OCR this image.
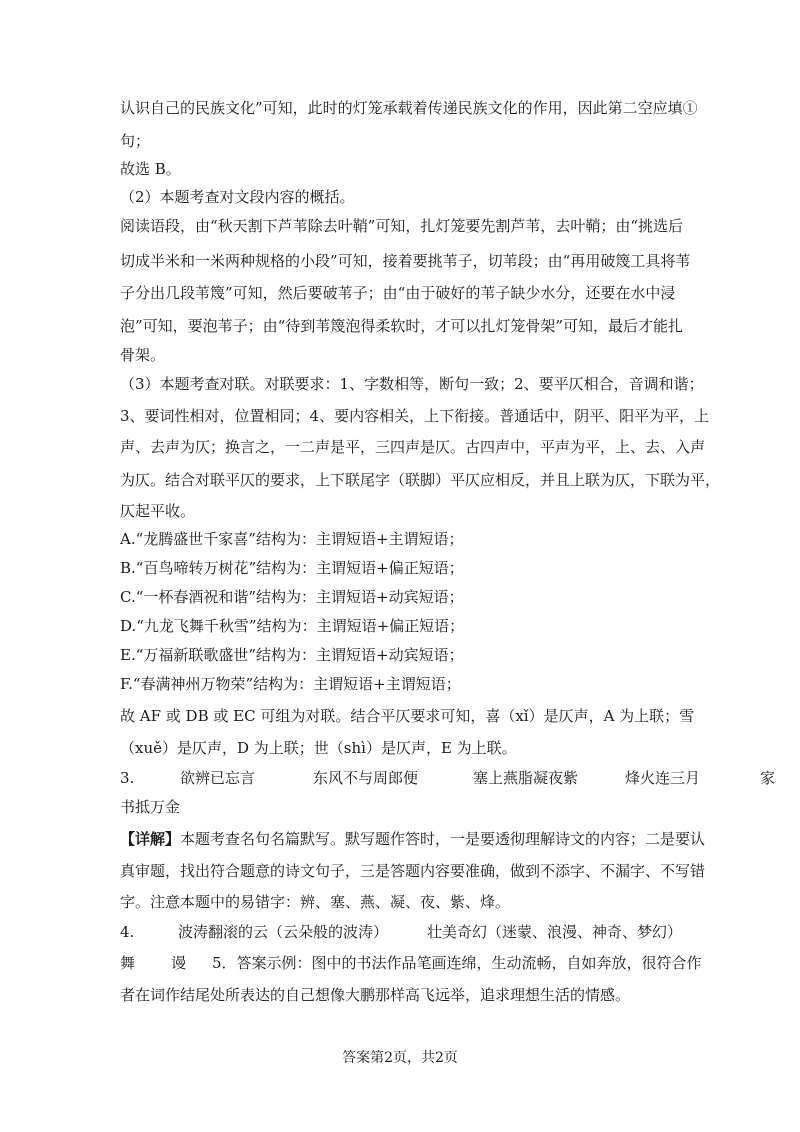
认识自己的民族文化”可知，此时的灯笼承载着传递民族文化的作用，因此第二空应填①
句；
故选 B。
（2）本题考查对文段内容的概括。
阅读语段，由“秋天割下芦苇除去叶鞘”可知，扎灯笼要先割芦苇，去叶鞘；由“挑选后
切成半米和一米两种规格的小段”可知，接着要挑苇子，切苇段；由“再用破篾工具将苇
子分出几段苇篾”可知，然后要破苇子；由“由于破好的苇子缺少水分，还要在水中浸
泡”可知，要泡苇子；由“待到苇篾泡得柔软时，才可以扎灯笼骨架”可知，最后才能扎
骨架。
（3）本题考查对联。对联要求：1、字数相等，断句一致；2、要平仄相合，音调和谐；
3、要词性相对，位置相同；4、要内容相关，上下衔接。普通话中，阴平、阳平为平，上
声、去声为仄；换言之，一二声是平，三四声是仄。古四声中，平声为平，上、去、入声
为仄。结合对联平仄的要求，上下联尾字（联脚）平仄应相反，并且上联为仄，下联为平，
仄起平收。
A.“龙腾盛世千家喜”结构为：主谓短语+主谓短语；
B.“百鸟啼转万树花”结构为：主谓短语+偏正短语；
C.“一杯春酒祝和谐”结构为：主谓短语+动宾短语；
D.“九龙飞舞千秋雪”结构为：主谓短语+偏正短语；
E.“万福新联歌盛世”结构为：主谓短语+动宾短语；
F.“春满神州万物荣”结构为：主谓短语+主谓短语；
故 AF 或 DB 或 EC 可组为对联。结合平仄要求可知，喜（xǐ）是仄声，A 为上联；雪
（xuě）是仄声，D 为上联；世（shì）是仄声，E 为上联。
3.	欲辨已忘言	东风不与周郎便	塞上燕脂凝夜紫	烽火连三月	家
书抵万金
【详解】本题考查名句名篇默写。默写题作答时，一是要透彻理解诗文的内容；二是要认
真审题，找出符合题意的诗文句子，三是答题内容要准确，做到不添字、不漏字、不写错
字。注意本题中的易错字：辨、塞、燕、凝、夜、紫、烽。
4.	波涛翻滚的云（云朵般的波涛）	壮美奇幻（迷蒙、浪漫、神奇、梦幻）
舞 谩 5．答案示例：图中的书法作品笔画连绵，生动流畅，自如奔放，很符合作
者在词作结尾处所表达的自己想像大鹏那样高飞远举，追求理想生活的情感。
答案第2页，共2页
